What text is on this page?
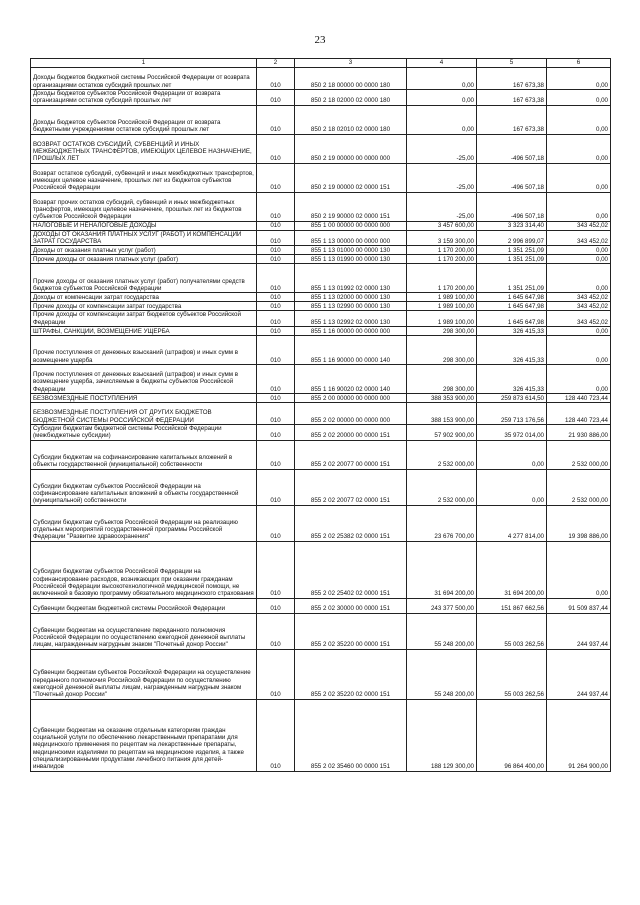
23
1	2	3	4	5	6
Доходы бюджетов бюджетной системы Российской Федерации от возврата организациями остатков субсидий прошлых лет	010	850 2 18 00000 00 0000 180	0,00	167 673,38	0,00
Доходы бюджетов субъектов Российской Федерации от возврата организациями остатков субсидий прошлых лет	010	850 2 18 02000 02 0000 180	0,00	167 673,38	0,00
Доходы бюджетов субъектов Российской Федерации от возврата бюджетными учреждениями остатков субсидий прошлых лет	010	850 2 18 02010 02 0000 180	0,00	167 673,38	0,00
ВОЗВРАТ ОСТАТКОВ СУБСИДИЙ, СУБВЕНЦИЙ И ИНЫХ МЕЖБЮДЖЕТНЫХ ТРАНСФЕРТОВ, ИМЕЮЩИХ ЦЕЛЕВОЕ НАЗНАЧЕНИЕ, ПРОШЛЫХ ЛЕТ	010	850 2 19 00000 00 0000 000	-25,00	-496 507,18	0,00
Возврат остатков субсидий, субвенций и иных межбюджетных трансфертов, имеющих целевое назначение, прошлых лет из бюджетов субъектов Российской Федерации	010	850 2 19 00000 02 0000 151	-25,00	-496 507,18	0,00
Возврат прочих остатков субсидий, субвенций и иных межбюджетных трансфертов, имеющих целевое назначение, прошлых лет из бюджетов субъектов Российской Федерации	010	850 2 19 90000 02 0000 151	-25,00	-496 507,18	0,00
НАЛОГОВЫЕ И НЕНАЛОГОВЫЕ ДОХОДЫ	010	855 1 00 00000 00 0000 000	3 457 600,00	3 323 314,40	343 452,02
ДОХОДЫ ОТ ОКАЗАНИЯ ПЛАТНЫХ УСЛУГ (РАБОТ) И КОМПЕНСАЦИИ ЗАТРАТ ГОСУДАРСТВА	010	855 1 13 00000 00 0000 000	3 159 300,00	2 996 899,07	343 452,02
Доходы от оказания платных услуг (работ)	010	855 1 13 01000 00 0000 130	1 170 200,00	1 351 251,09	0,00
Прочие доходы от оказания платных услуг (работ)	010	855 1 13 01990 00 0000 130	1 170 200,00	1 351 251,09	0,00
Прочие доходы от оказания платных услуг (работ) получателями средств бюджетов субъектов Российской Федерации	010	855 1 13 01992 02 0000 130	1 170 200,00	1 351 251,09	0,00
Доходы от компенсации затрат государства	010	855 1 13 02000 00 0000 130	1 989 100,00	1 645 647,98	343 452,02
Прочие доходы от компенсации затрат государства	010	855 1 13 02990 00 0000 130	1 989 100,00	1 645 647,98	343 452,02
Прочие доходы от компенсации затрат бюджетов субъектов Российской Федерации	010	855 1 13 02992 02 0000 130	1 989 100,00	1 645 647,98	343 452,02
ШТРАФЫ, САНКЦИИ, ВОЗМЕЩЕНИЕ УЩЕРБА	010	855 1 16 00000 00 0000 000	298 300,00	326 415,33	0,00
Прочие поступления от денежных взысканий (штрафов) и иных сумм в возмещение ущерба	010	855 1 16 90000 00 0000 140	298 300,00	326 415,33	0,00
Прочие поступления от денежных взысканий (штрафов) и иных сумм в возмещение ущерба, зачисляемые в бюджеты субъектов Российской Федерации	010	855 1 16 90020 02 0000 140	298 300,00	326 415,33	0,00
БЕЗВОЗМЕЗДНЫЕ ПОСТУПЛЕНИЯ	010	855 2 00 00000 00 0000 000	388 353 900,00	259 873 614,50	128 440 723,44
БЕЗВОЗМЕЗДНЫЕ ПОСТУПЛЕНИЯ ОТ ДРУГИХ БЮДЖЕТОВ БЮДЖЕТНОЙ СИСТЕМЫ РОССИЙСКОЙ ФЕДЕРАЦИИ	010	855 2 02 00000 00 0000 000	388 153 900,00	259 713 176,56	128 440 723,44
Субсидии бюджетам бюджетной системы Российской Федерации (межбюджетные субсидии)	010	855 2 02 20000 00 0000 151	57 902 900,00	35 972 014,00	21 930 886,00
Субсидии бюджетам на софинансирование капитальных вложений в объекты государственной (муниципальной) собственности	010	855 2 02 20077 00 0000 151	2 532 000,00	0,00	2 532 000,00
Субсидии бюджетам субъектов Российской Федерации на софинансирование капитальных вложений в объекты государственной (муниципальной) собственности	010	855 2 02 20077 02 0000 151	2 532 000,00	0,00	2 532 000,00
Субсидии бюджетам субъектов Российской Федерации на реализацию отдельных мероприятий государственной программы Российской Федерации "Развитие здравоохранения"	010	855 2 02 25382 02 0000 151	23 676 700,00	4 277 814,00	19 398 886,00
Субсидии бюджетам субъектов Российской Федерации на софинансирование расходов, возникающих при оказании гражданам Российской Федерации высокотехнологичной медицинской помощи, не включенной в базовую программу обязательного медицинского страхования	010	855 2 02 25402 02 0000 151	31 694 200,00	31 694 200,00	0,00
Субвенции бюджетам бюджетной системы Российской Федерации	010	855 2 02 30000 00 0000 151	243 377 500,00	151 867 662,56	91 509 837,44
Субвенции бюджетам на осуществление переданного полномочия Российской Федерации по осуществлению ежегодной денежной выплаты лицам, награжденным нагрудным знаком "Почетный донор России"	010	855 2 02 35220 00 0000 151	55 248 200,00	55 003 262,56	244 937,44
Субвенции бюджетам субъектов Российской Федерации на осуществление переданного полномочия Российской Федерации по осуществлению ежегодной денежной выплаты лицам, награжденным нагрудным знаком "Почетный донор России"	010	855 2 02 35220 02 0000 151	55 248 200,00	55 003 262,56	244 937,44
Субвенции бюджетам на оказание отдельным категориям граждан социальной услуги по обеспечению лекарственными препаратами для медицинского применения по рецептам на лекарственные препараты, медицинскими изделиями по рецептам на медицинские изделия, а также специализированными продуктами лечебного питания для детей-инвалидов	010	855 2 02 35460 00 0000 151	188 129 300,00	96 864 400,00	91 264 900,00
